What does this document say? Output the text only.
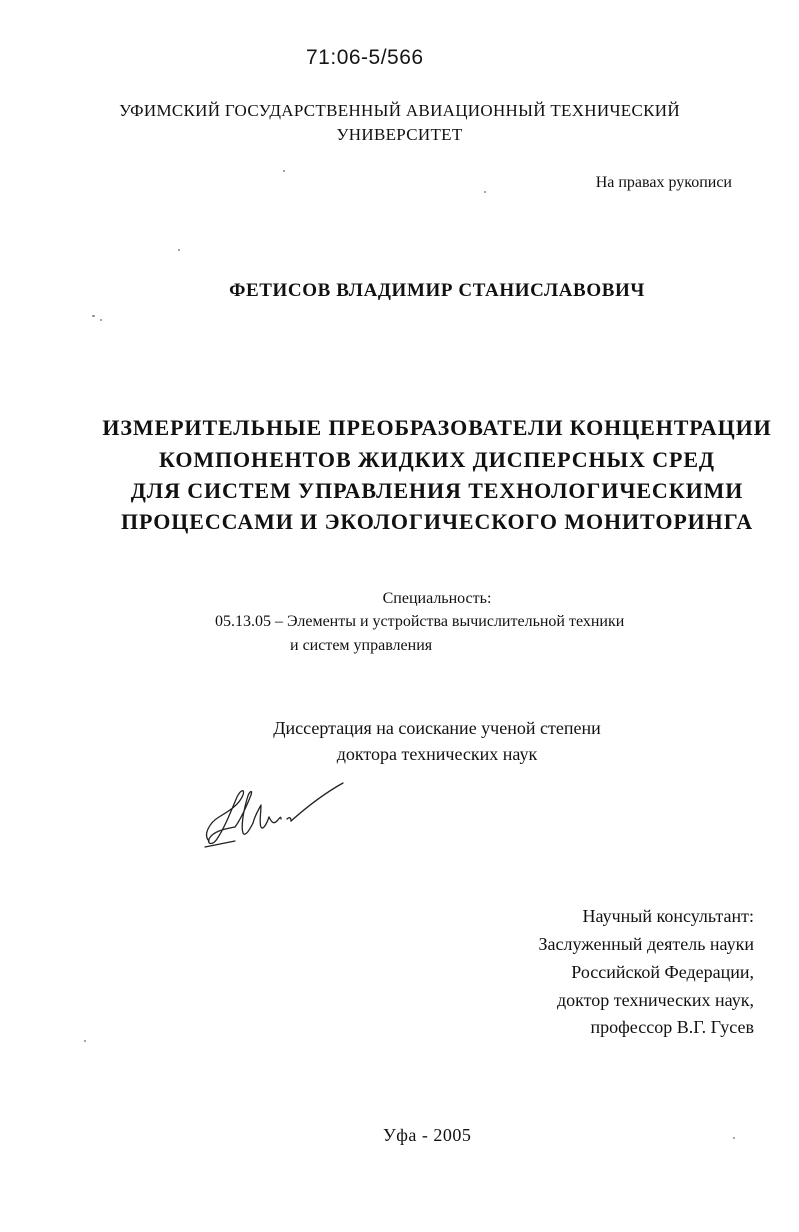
71:06-5/566
УФИМСКИЙ ГОСУДАРСТВЕННЫЙ АВИАЦИОННЫЙ ТЕХНИЧЕСКИЙ
УНИВЕРСИТЕТ
На правах рукописи
ФЕТИСОВ ВЛАДИМИР СТАНИСЛАВОВИЧ
ИЗМЕРИТЕЛЬНЫЕ ПРЕОБРАЗОВАТЕЛИ КОНЦЕНТРАЦИИ
КОМПОНЕНТОВ ЖИДКИХ ДИСПЕРСНЫХ СРЕД
ДЛЯ СИСТЕМ УПРАВЛЕНИЯ ТЕХНОЛОГИЧЕСКИМИ
ПРОЦЕССАМИ И ЭКОЛОГИЧЕСКОГО МОНИТОРИНГА
Специальность:
05.13.05 – Элементы и устройства вычислительной техники
и систем управления
Диссертация на соискание ученой степени
доктора технических наук
Научный консультант:
Заслуженный деятель науки
Российской Федерации,
доктор технических наук,
профессор В.Г. Гусев
Уфа - 2005
